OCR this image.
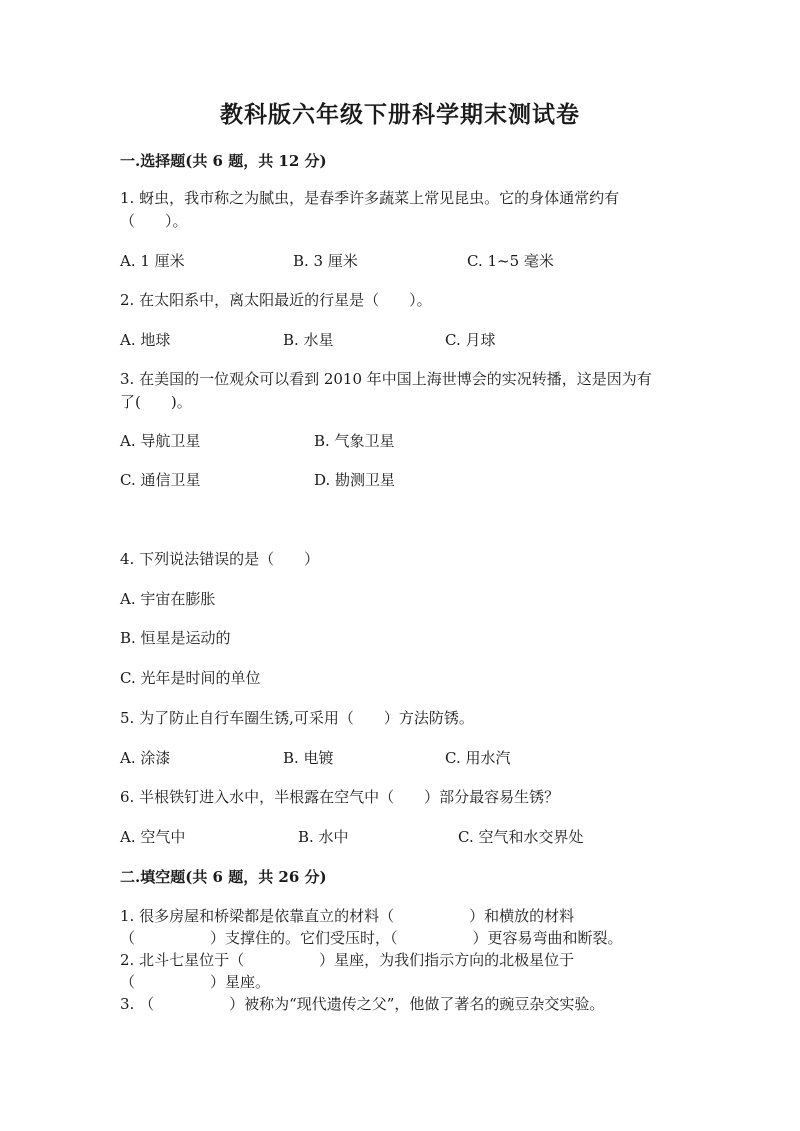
教科版六年级下册科学期末测试卷
一.选择题(共 6 题，共 12 分)
1. 蚜虫，我市称之为腻虫，是春季许多蔬菜上常见昆虫。它的身体通常约有
（　　）。
A. 1 厘米	B. 3 厘米	C. 1~5 毫米
2. 在太阳系中，离太阳最近的行星是（　　）。
A. 地球	B. 水星	C. 月球
3. 在美国的一位观众可以看到 2010 年中国上海世博会的实况转播，这是因为有
了(　　)。
A. 导航卫星	B. 气象卫星
C. 通信卫星	D. 勘测卫星
4. 下列说法错误的是（　　）
A. 宇宙在膨胀
B. 恒星是运动的
C. 光年是时间的单位
5. 为了防止自行车圈生锈,可采用（　　）方法防锈。
A. 涂漆	B. 电镀	C. 用水汽
6. 半根铁钉进入水中，半根露在空气中（　　）部分最容易生锈？
A. 空气中	B. 水中	C. 空气和水交界处
二.填空题(共 6 题，共 26 分)
1. 很多房屋和桥梁都是依靠直立的材料（　　　　　）和横放的材料
（　　　　　）支撑住的。它们受压时，（　　　　　）更容易弯曲和断裂。
2. 北斗七星位于（　　　　　）星座，为我们指示方向的北极星位于
（　　　　　）星座。
3. （　　　　　）被称为“现代遗传之父”，他做了著名的豌豆杂交实验。
